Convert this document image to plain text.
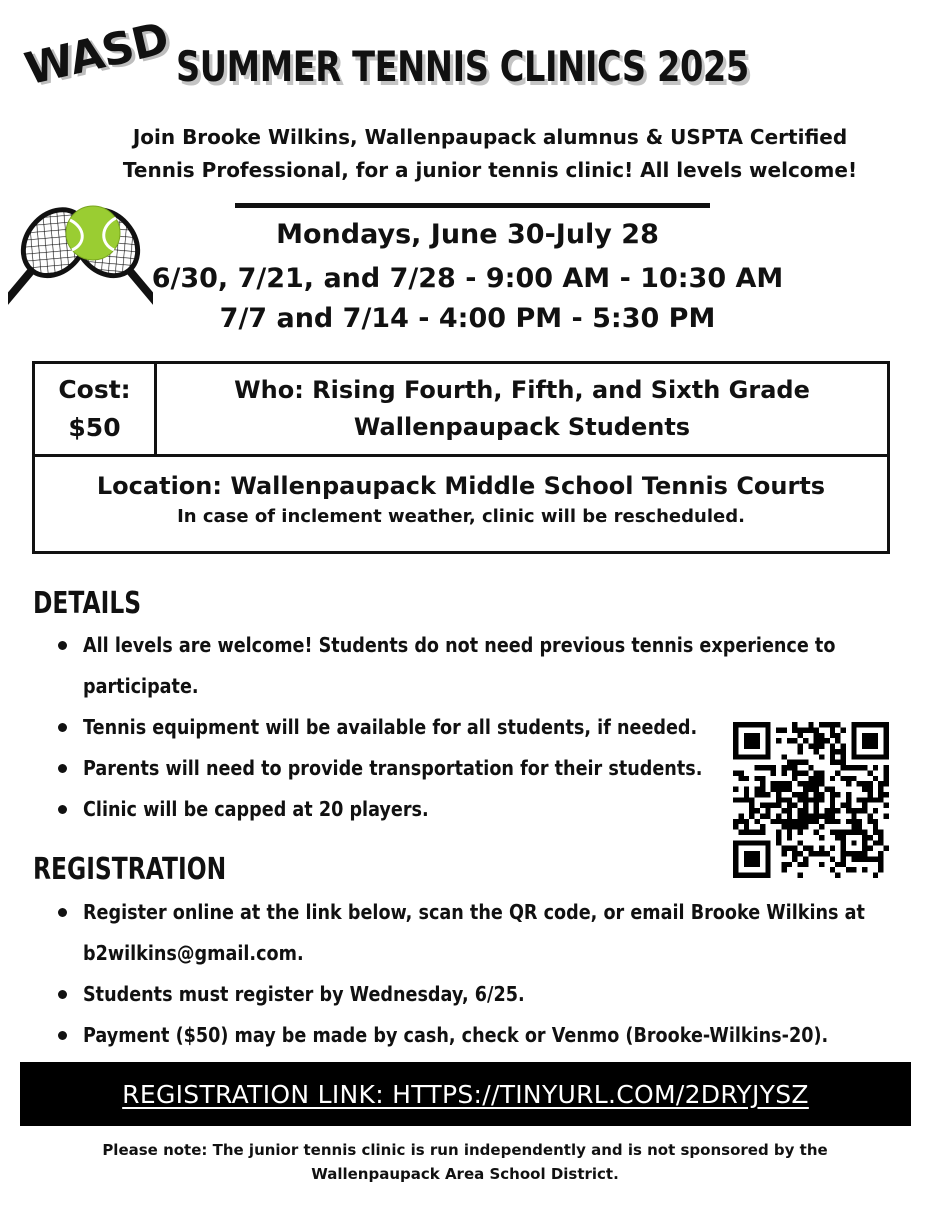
WASD SUMMER TENNIS CLINICS 2025

Join Brooke Wilkins, Wallenpaupack alumnus & USPTA Certified

Tennis Professional, for a junior tennis clinic! All levels welcome!

Mondays, June 30-July 28
6/30, 7/21, and 7/28 - 9:00 AM - 10:30 AM
7/7 and 7/14 - 4:00 PM - 5:30 PM
Cost:
$50
Who: Rising Fourth, Fifth, and Sixth Grade
Wallenpaupack Students
Location: Wallenpaupack Middle School Tennis Courts
In case of inclement weather, clinic will be rescheduled.
DETAILS
All levels are welcome! Students do not need previous tennis experience to
participate.
Tennis equipment will be available for all students, if needed.
Parents will need to provide transportation for their students.
Clinic will be capped at 20 players.
REGISTRATION
Register online at the link below, scan the QR code, or email Brooke Wilkins at
b2wilkins@gmail.com.
Students must register by Wednesday, 6/25.
Payment ($50) may be made by cash, check or Venmo (Brooke-Wilkins-20).
REGISTRATION LINK: HTTPS://TINYURL.COM/2DRYJYSZ
Please note: The junior tennis clinic is run independently and is not sponsored by the
Wallenpaupack Area School District.
